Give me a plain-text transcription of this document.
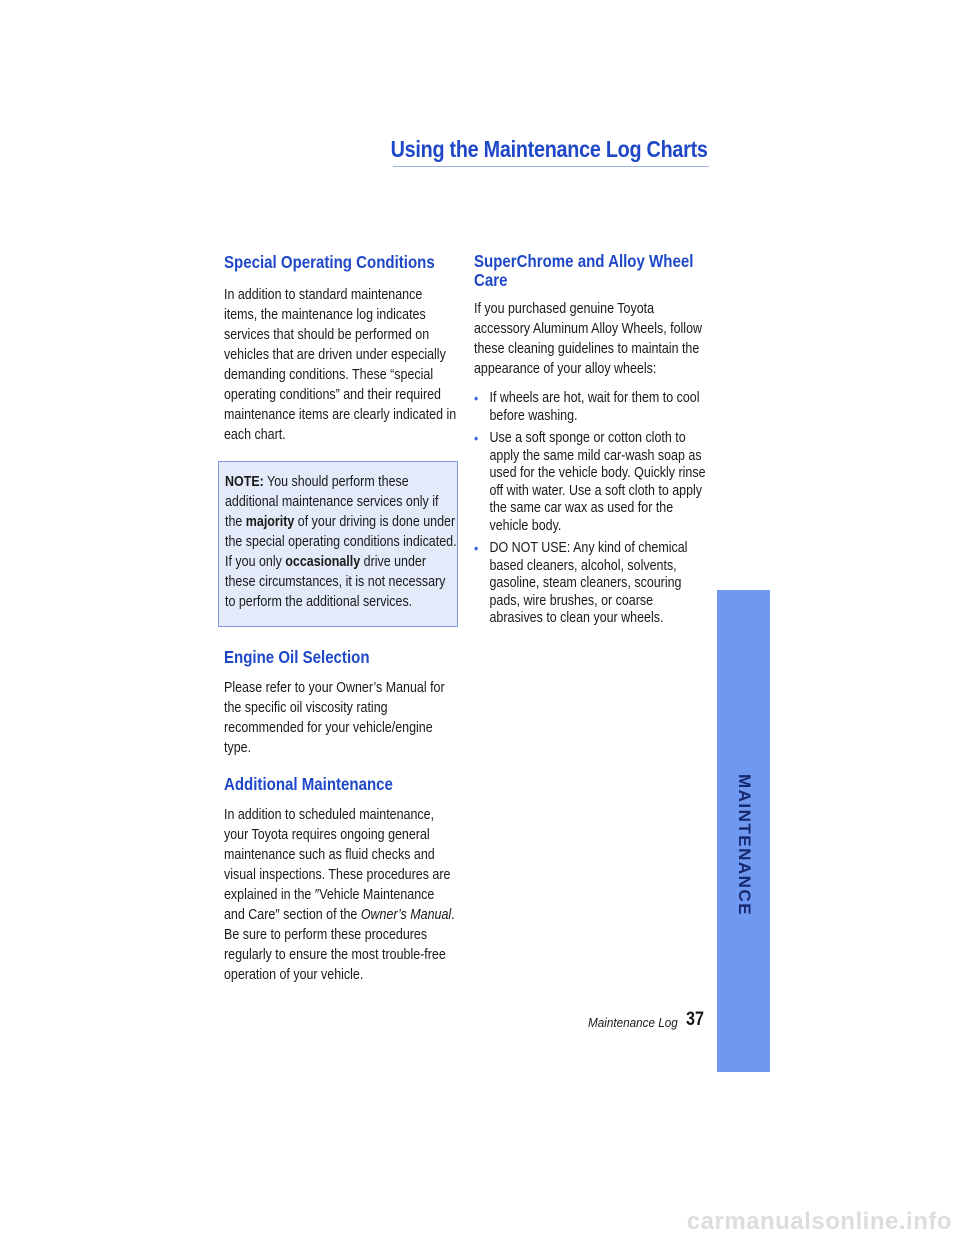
Using the Maintenance Log Charts
Special Operating Conditions

In addition to standard maintenance items, the maintenance log indicates services that should be performed on vehicles that are driven under especially demanding conditions. These “special operating conditions” and their required maintenance items are clearly indicated in each chart.

NOTE: You should perform these additional maintenance services only if the majority of your driving is done under the special operating conditions indicated. If you only occasionally drive under these circumstances, it is not necessary to perform the additional services.
Engine Oil Selection

Please refer to your Owner’s Manual for the specific oil viscosity rating recommended for your vehicle/engine type.

Additional Maintenance

In addition to scheduled maintenance, your Toyota requires ongoing general maintenance such as fluid checks and visual inspections. These procedures are explained in the ″Vehicle Maintenance and Care″ section of the Owner’s Manual. Be sure to perform these procedures regularly to ensure the most trouble-free operation of your vehicle.

SuperChrome and Alloy Wheel Care

If you purchased genuine Toyota accessory Aluminum Alloy Wheels, follow these cleaning guidelines to maintain the appearance of your alloy wheels:

• If wheels are hot, wait for them to cool before washing.
• Use a soft sponge or cotton cloth to apply the same mild car-wash soap as used for the vehicle body. Quickly rinse off with water. Use a soft cloth to apply the same car wax as used for the vehicle body.
• DO NOT USE: Any kind of chemical based cleaners, alcohol, solvents, gasoline, steam cleaners, scouring pads, wire brushes, or coarse abrasives to clean your wheels.
MAINTENANCE
Maintenance Log 37
carmanualsonline.info
